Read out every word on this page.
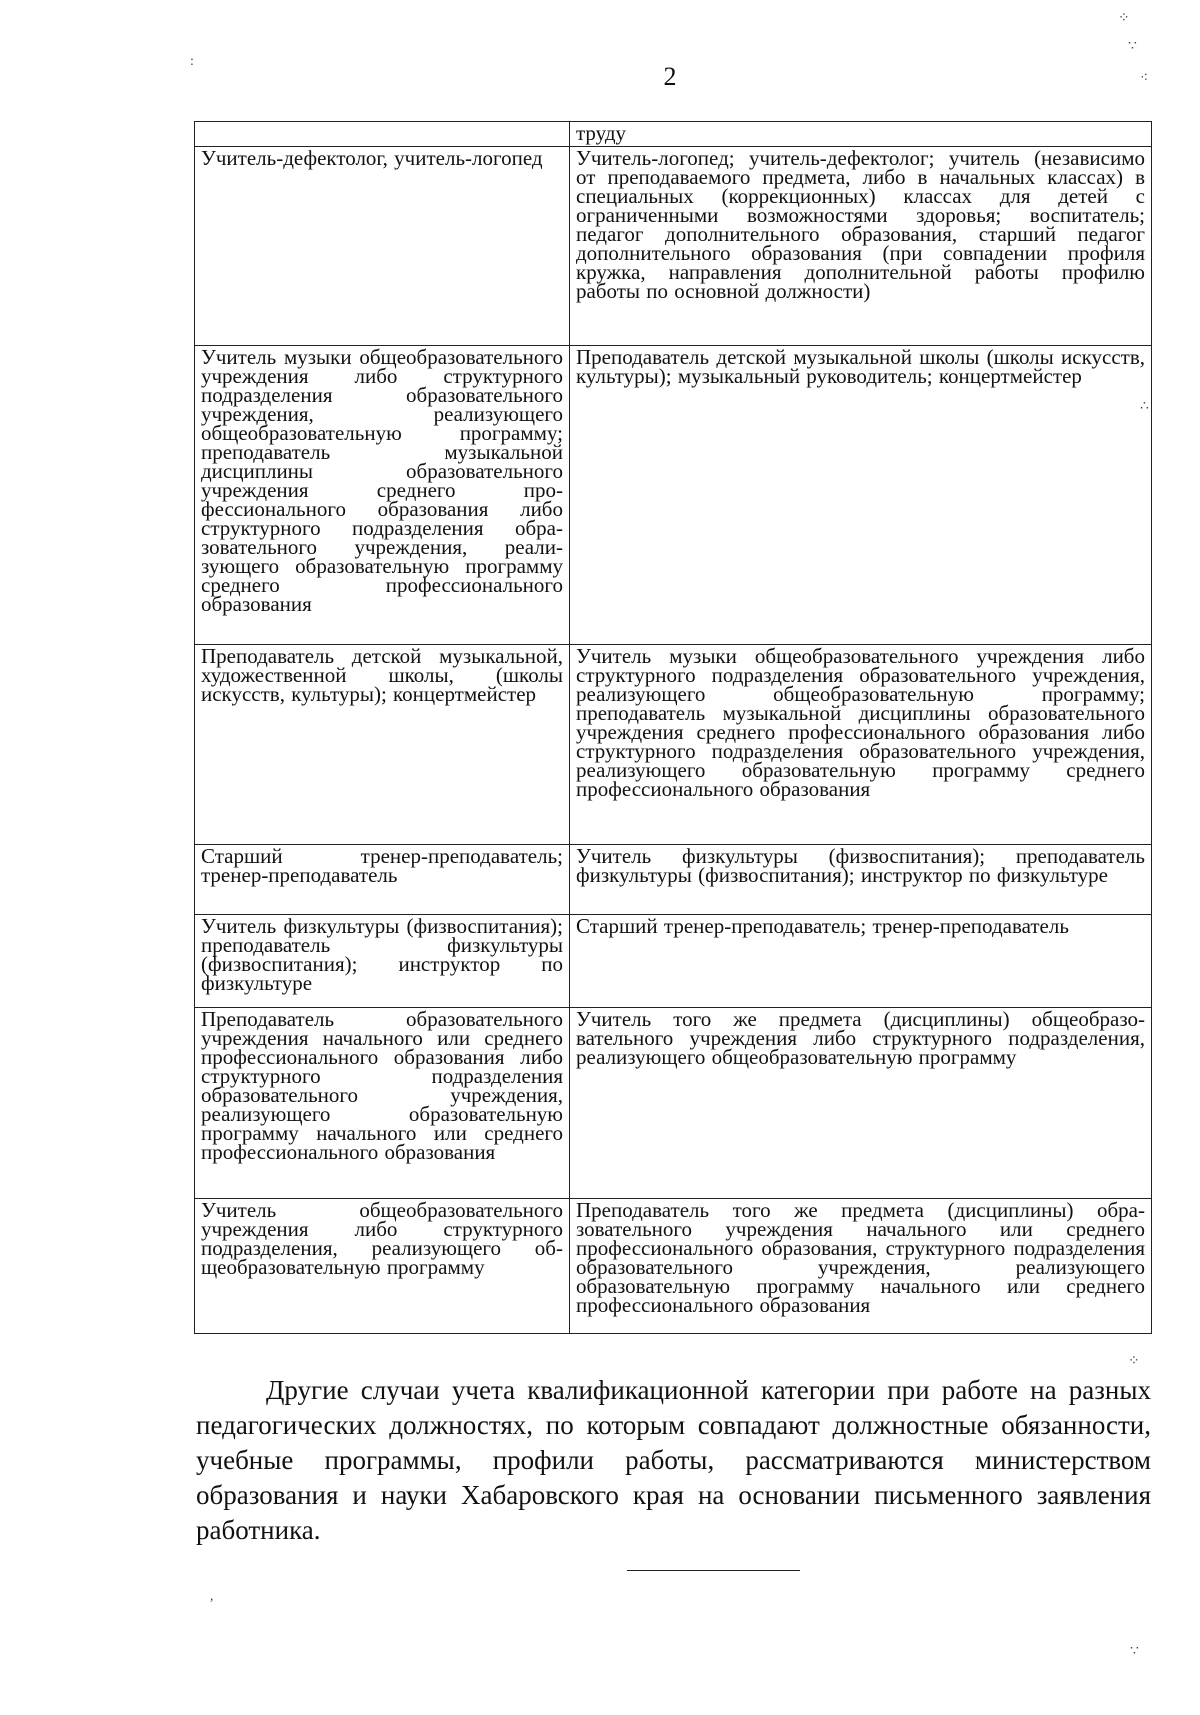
2
	труду
Учитель-дефектолог, учитель-логопед	Учитель-логопед; учитель-дефектолог; учитель (независимо от преподаваемого предмета, либо в начальных классах) в специальных (коррекционных) классах для детей с ограниченными возможностями здоровья; воспитатель; педагог дополнительного образования, старший педагог дополнительного образования (при совпадении профиля кружка, направления дополнительной работы профилю работы по основной должности)
Учитель музыки общеобразовательного учреждения либо структурного подразделения образовательного учреждения, реализующего общеобразовательную программу; преподаватель музыкальной дисциплины образовательного учреждения среднего профессионального образования либо структурного подразделения образовательного учреждения, реализующего образовательную программу среднего профессионального образования	Преподаватель детской музыкальной школы (школы искусств, культуры); музыкальный руководитель; концертмейстер
Преподаватель детской музыкальной, художественной школы, (школы искусств, культуры); концертмейстер	Учитель музыки общеобразовательного учреждения либо структурного подразделения образовательного учреждения, реализующего общеобразовательную программу; преподаватель музыкальной дисциплины образовательного учреждения среднего профессионального образования либо структурного подразделения образовательного учреждения, реализующего образовательную программу среднего профессионального образования
Старший тренер-преподаватель; тренер-преподаватель	Учитель физкультуры (физвоспитания); преподаватель физкультуры (физвоспитания); инструктор по физкультуре
Учитель физкультуры (физвоспитания); преподаватель физкультуры (физвоспитания); инструктор по физкультуре	Старший тренер-преподаватель; тренер-преподаватель
Преподаватель образовательного учреждения начального или среднего профессионального образования либо структурного подразделения образовательного учреждения, реализующего образовательную программу начального или среднего профессионального образования	Учитель того же предмета (дисциплины) общеобразовательного учреждения либо структурного подразделения, реализующего общеобразовательную программу
Учитель общеобразовательного учреждения либо структурного подразделения, реализующего общеобразовательную программу	Преподаватель того же предмета (дисциплины) образовательного учреждения начального или среднего профессионального образования, структурного подразделения образовательного учреждения, реализующего образовательную программу начального или среднего профессионального образования

Другие случаи учета квалификационной категории при работе на разных педагогических должностях, по которым совпадают должностные обязанности, учебные программы, профили работы, рассматриваются министерством образования и науки Хабаровского края на основании письменного заявления работника.

⁘
∵
⁖
∴
⁘
∵
:
,
